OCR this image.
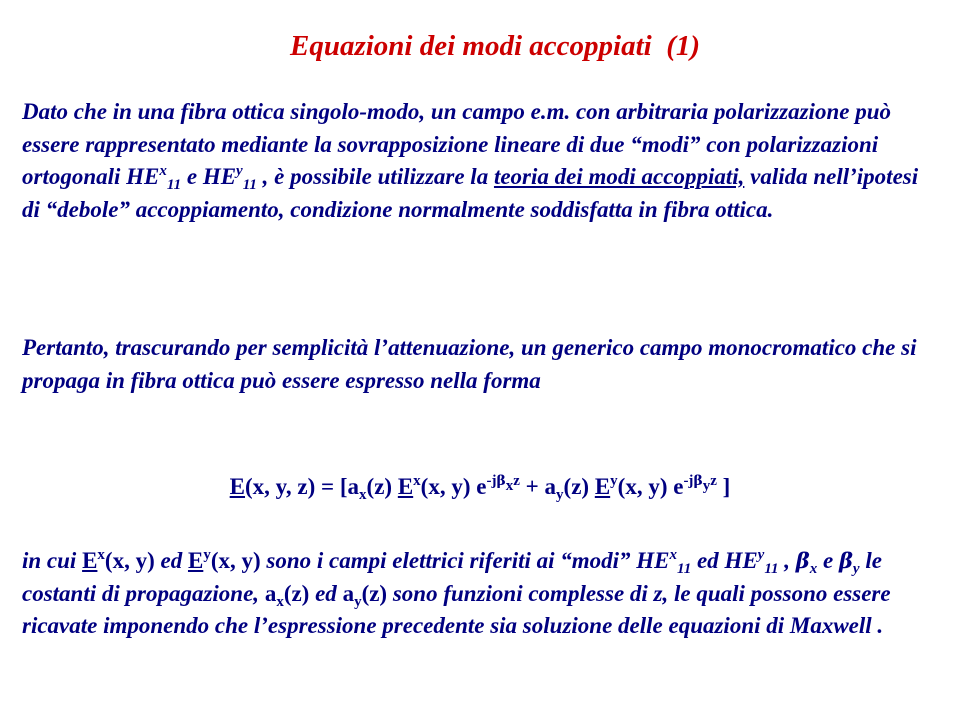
Equazioni dei modi accoppiati  (1)

Dato che in una fibra ottica singolo-modo, un campo e.m. con arbitraria polarizzazione può essere rappresentato mediante la sovrapposizione lineare di due “modi” con polarizzazioni ortogonali $HE^x_{11}$ e $HE^y_{11}$ , è possibile utilizzare la teoria dei modi accoppiati, valida nell’ipotesi di “debole” accoppiamento, condizione normalmente soddisfatta in fibra ottica.

Pertanto, trascurando per semplicità l’attenuazione, un generico campo monocromatico che si propaga in fibra ottica può essere espresso nella forma

E(x, y, $z) = [a_x(z)$ $E^x(x$, y) $e^{-j\beta_xz} + a_y(z)$ $E^y(x$, y) $e^{-j\beta_yz}$ ]

in cui $E^x(x$, y) ed $E^y(x$, y) sono i campi elettrici riferiti ai “modi” $HE^x_{11}$ ed $HE^y_{11}$ , $\beta_x$ e $\beta_y$ le costanti di propagazione, $a_x(z)$ ed $a_y(z)$ sono funzioni complesse di z, le quali possono essere ricavate imponendo che l’espressione precedente sia soluzione delle equazioni di Maxwell .
